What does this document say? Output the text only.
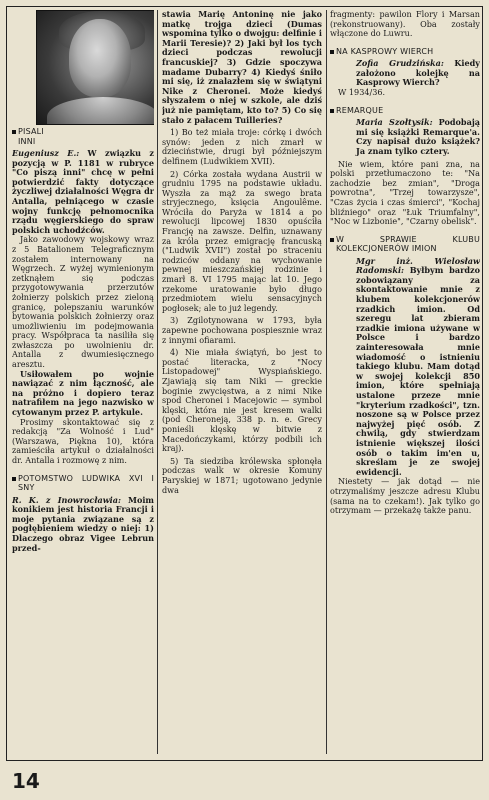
PISALI
INNI

Eugeniusz E.: W związku z pozycją w P. 1181 w rubryce "Co piszą inni" chcę w pełni potwierdzić fakty dotyczące życzliwej działalności Węgra dr Antalla, pełniącego w czasie wojny funkcję pełnomocnika rządu węgierskiego do spraw polskich uchodźców.

Jako zawodowy wojskowy wraz z 5 Batalionem Telegraficznym zostałem internowany na Węgrzech. Z wyżej wymienionym zetknąłem się podczas przygotowywania przerzutów żołnierzy polskich przez zieloną granicę, polepszaniu warunków bytowania polskich żołnierzy oraz umożliwieniu im podejmowania pracy. Współpraca ta nasiliła się zwłaszcza po uwolnieniu dr. Antalla z dwumiesięcznego aresztu.

Usiłowałem po wojnie nawiązać z nim łączność, ale na próżno i dopiero teraz natrafiłem na jego nazwisko w cytowanym przez P. artykule.

Prosimy skontaktować się z redakcją "Za Wolność i Lud" (Warszawa, Piękna 10), która zamieściła artykuł o działalności dr. Antalla i rozmowę z nim.

POTOMSTWO LUDWIKA XVI I SNY

R. K. z Inowrocławia: Moim konikiem jest historia Francji i moje pytania związane są z pogłębieniem wiedzy o niej: 1) Dlaczego obraz Vigee Lebrun przed-

stawia Marię Antoninę nie jako matkę trojga dzieci (Dumas wspomina tylko o dwojgu: delfinie i Marii Teresie)? 2) Jaki był los tych dzieci podczas rewolucji francuskiej? 3) Gdzie spoczywa madame Dubarry? 4) Kiedyś śniło mi się, iż znalazłem się w świątyni Nike z Cheronei. Może kiedyś słyszałem o niej w szkole, ale dziś już nie pamiętam, kto to? 5) Co się stało z pałacem Tuilleries?

1) Bo też miała troje: córkę i dwóch synów: jeden z nich zmarł w dzieciństwie, drugi był późniejszym delfinem (Ludwikiem XVII).

2) Córka została wydana Austrii w grudniu 1795 na podstawie układu. Wyszła za mąż za swego brata stryjecznego, księcia Angoulême. Wróciła do Paryża w 1814 a po rewolucji lipcowej 1830 opuściła Francję na zawsze. Delfin, uznawany za króla przez emigrację francuską ("Ludwik XVII") został po straceniu rodziców oddany na wychowanie pewnej mieszczańskiej rodzinie i zmarł 8. VI 1795 mając lat 10. Jego rzekome uratowanie było długo przedmiotem wielu sensacyjnych pogłosek; ale to już legendy.

3) Zgilotynowana w 1793, była zapewne pochowana pospiesznie wraz z innymi ofiarami.

4) Nie miała świątyń, bo jest to postać literacka, z "Nocy Listopadowej" Wyspiańskiego. Zjawiają się tam Niki — greckie boginie zwycięstwa, a z nimi Nike spod Cheronei i Macejowic — symbol klęski, która nie jest kresem walki (pod Cheroneją, 338 p. n. e. Grecy ponieśli klęskę w bitwie z Macedończykami, którzy podbili ich kraj).

5) Ta siedziba królewska spłonęła podczas walk w okresie Komuny Paryskiej w 1871; ugotowano jedynie dwa

fragmenty: pawilon Flory i Marsan (rekonstruowany). Oba zostały włączone do Luwru.

NA KASPROWY WIERCH

Zofia Grudzińska: Kiedy założono kolejkę na Kasprowy Wierch?

W 1934/36.

REMARQUE

Maria Szołtysik: Podobają mi się książki Remarque'a. Czy napisał dużo książek? Ja znam tylko cztery.

Nie wiem, które pani zna, na polski przetłumaczono te: "Na zachodzie bez zmian", "Droga powrotna", "Trzej towarzysze", "Czas życia i czas śmierci", "Kochaj bliźniego" oraz "Łuk Triumfalny", "Noc w Lizbonie", "Czarny obelisk".

W SPRAWIE KLUBU KOLEKCJONERÓW IMION

Mgr inż. Wielosław Radomski: Byłbym bardzo zobowiązany za skontaktowanie mnie z klubem kolekcjonerów rzadkich imion. Od szeregu lat zbieram rzadkie imiona używane w Polsce i bardzo zainteresowała mnie wiadomość o istnieniu takiego klubu. Mam dotąd w swojej kolekcji 850 imion, które spełniają ustalone przeze mnie "kryterium rzadkości", tzn. noszone są w Polsce przez najwyżej pięć osób. Z chwilą, gdy stwierdzam istnienie większej ilości osób o takim im'en u, skreślam je ze swojej ewidencji.

Niestety — jak dotąd — nie otrzymaliśmy jeszcze adresu Klubu (sama na to czekam!). Jak tylko go otrzymam — przekażę także panu.

14
